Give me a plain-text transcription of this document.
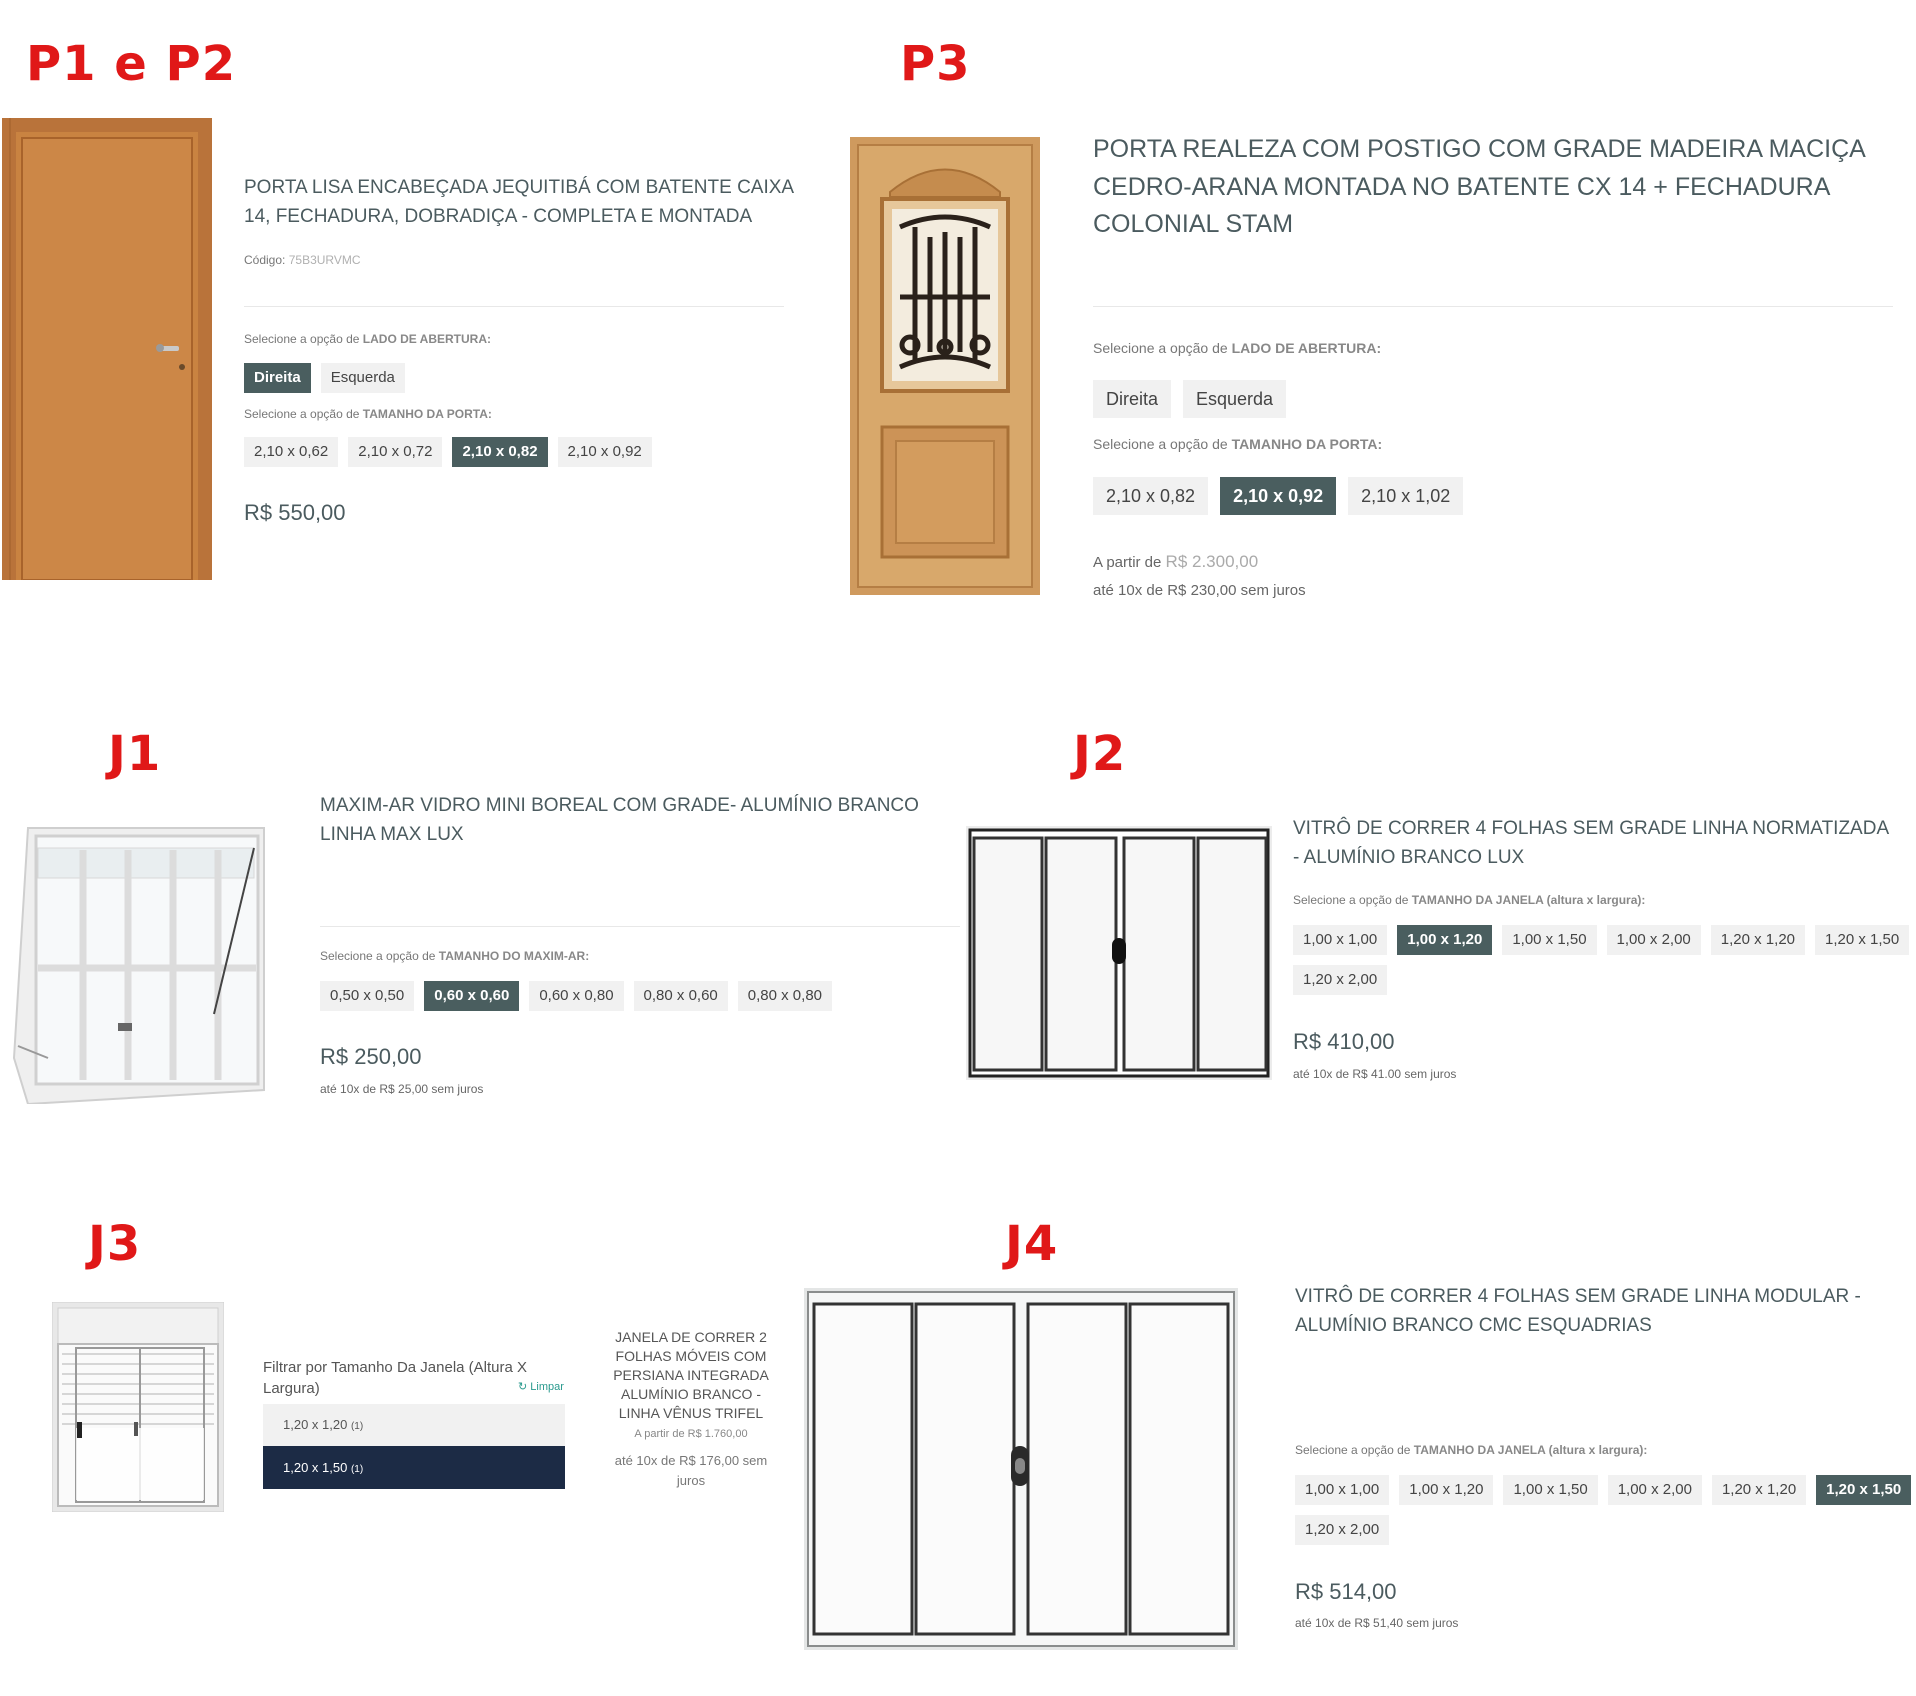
P1 e P2	P3
J1	J2
J3	J4
PORTA LISA ENCABEÇADA JEQUITIBÁ COM BATENTE CAIXA 14, FECHADURA, DOBRADIÇA - COMPLETA E MONTADA
Código: 75B3URVMC
Selecione a opção de LADO DE ABERTURA:
Direita	Esquerda
Selecione a opção de TAMANHO DA PORTA:
2,10 x 0,62	2,10 x 0,72	2,10 x 0,82	2,10 x 0,92
R$ 550,00
PORTA REALEZA COM POSTIGO COM GRADE MADEIRA MACIÇA CEDRO-ARANA MONTADA NO BATENTE CX 14 + FECHADURA COLONIAL STAM
Selecione a opção de LADO DE ABERTURA:
Direita	Esquerda
Selecione a opção de TAMANHO DA PORTA:
2,10 x 0,82	2,10 x 0,92	2,10 x 1,02
A partir de R$ 2.300,00
até 10x de R$ 230,00 sem juros
MAXIM-AR VIDRO MINI BOREAL COM GRADE- ALUMÍNIO BRANCO LINHA MAX LUX
Selecione a opção de TAMANHO DO MAXIM-AR:
0,50 x 0,50	0,60 x 0,60	0,60 x 0,80	0,80 x 0,60	0,80 x 0,80
R$ 250,00
até 10x de R$ 25,00 sem juros
VITRÔ DE CORRER 4 FOLHAS SEM GRADE LINHA NORMATIZADA - ALUMÍNIO BRANCO LUX
Selecione a opção de TAMANHO DA JANELA (altura x largura):
1,00 x 1,00	1,00 x 1,20	1,00 x 1,50	1,00 x 2,00	1,20 x 1,20	1,20 x 1,50
1,20 x 2,00
R$ 410,00
até 10x de R$ 41.00 sem juros
Filtrar por Tamanho Da Janela (Altura X Largura)	↻ Limpar
1,20 x 1,20 (1)
1,20 x 1,50 (1)
JANELA DE CORRER 2 FOLHAS MÓVEIS COM PERSIANA INTEGRADA ALUMÍNIO BRANCO - LINHA VÊNUS TRIFEL
A partir de R$ 1.760,00
até 10x de R$ 176,00 sem juros
VITRÔ DE CORRER 4 FOLHAS SEM GRADE LINHA MODULAR - ALUMÍNIO BRANCO CMC ESQUADRIAS
Selecione a opção de TAMANHO DA JANELA (altura x largura):
1,00 x 1,00	1,00 x 1,20	1,00 x 1,50	1,00 x 2,00	1,20 x 1,20	1,20 x 1,50
1,20 x 2,00
R$ 514,00
até 10x de R$ 51,40 sem juros
